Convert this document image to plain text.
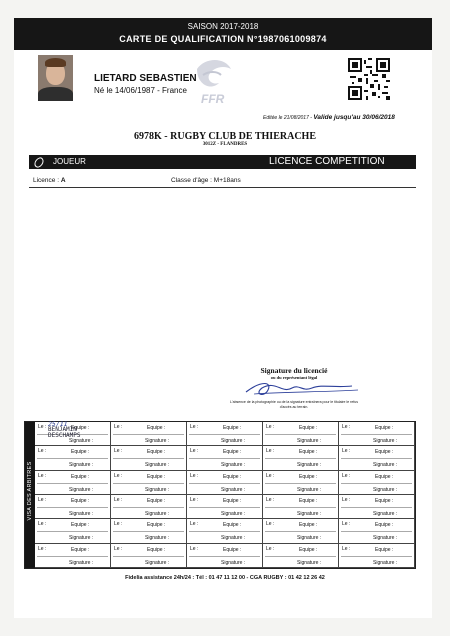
SAISON 2017-2018
CARTE DE QUALIFICATION N°1987061009874
LIETARD SEBASTIEN
Né le 14/06/1987 - France
FFR
Editée le 21/08/2017 - Valide jusqu'au 30/06/2018
6978K - RUGBY CLUB DE THIERACHE
3012Z - FLANDRES
JOUEUR	LICENCE COMPETITION
Licence : A	Classe d'âge : M+18ans
Signature du licencié
ou du représentant légal
L'absence de la photographie ou de la signature entraînera pour le titulaire le refus d'accès au terrain.
VISA DES ARBITRES
Le :	Equipe :
Signature :
25/11
BENJAMIN
DESCHAMPS
Le :	Equipe :
Signature :
Le :	Equipe :
Signature :
Le :	Equipe :
Signature :
Le :	Equipe :
Signature :
Le :	Equipe :
Signature :
Le :	Equipe :
Signature :
Le :	Equipe :
Signature :
Le :	Equipe :
Signature :
Le :	Equipe :
Signature :
Le :	Equipe :
Signature :
Le :	Equipe :
Signature :
Le :	Equipe :
Signature :
Le :	Equipe :
Signature :
Le :	Equipe :
Signature :
Le :	Equipe :
Signature :
Le :	Equipe :
Signature :
Le :	Equipe :
Signature :
Le :	Equipe :
Signature :
Le :	Equipe :
Signature :
Le :	Equipe :
Signature :
Le :	Equipe :
Signature :
Le :	Equipe :
Signature :
Le :	Equipe :
Signature :
Le :	Equipe :
Signature :
Le :	Equipe :
Signature :
Le :	Equipe :
Signature :
Le :	Equipe :
Signature :
Le :	Equipe :
Signature :
Le :	Equipe :
Signature :
Fidelia assistance 24h/24 : Tél : 01 47 11 12 00 - CGA RUGBY : 01 42 12 26 42
